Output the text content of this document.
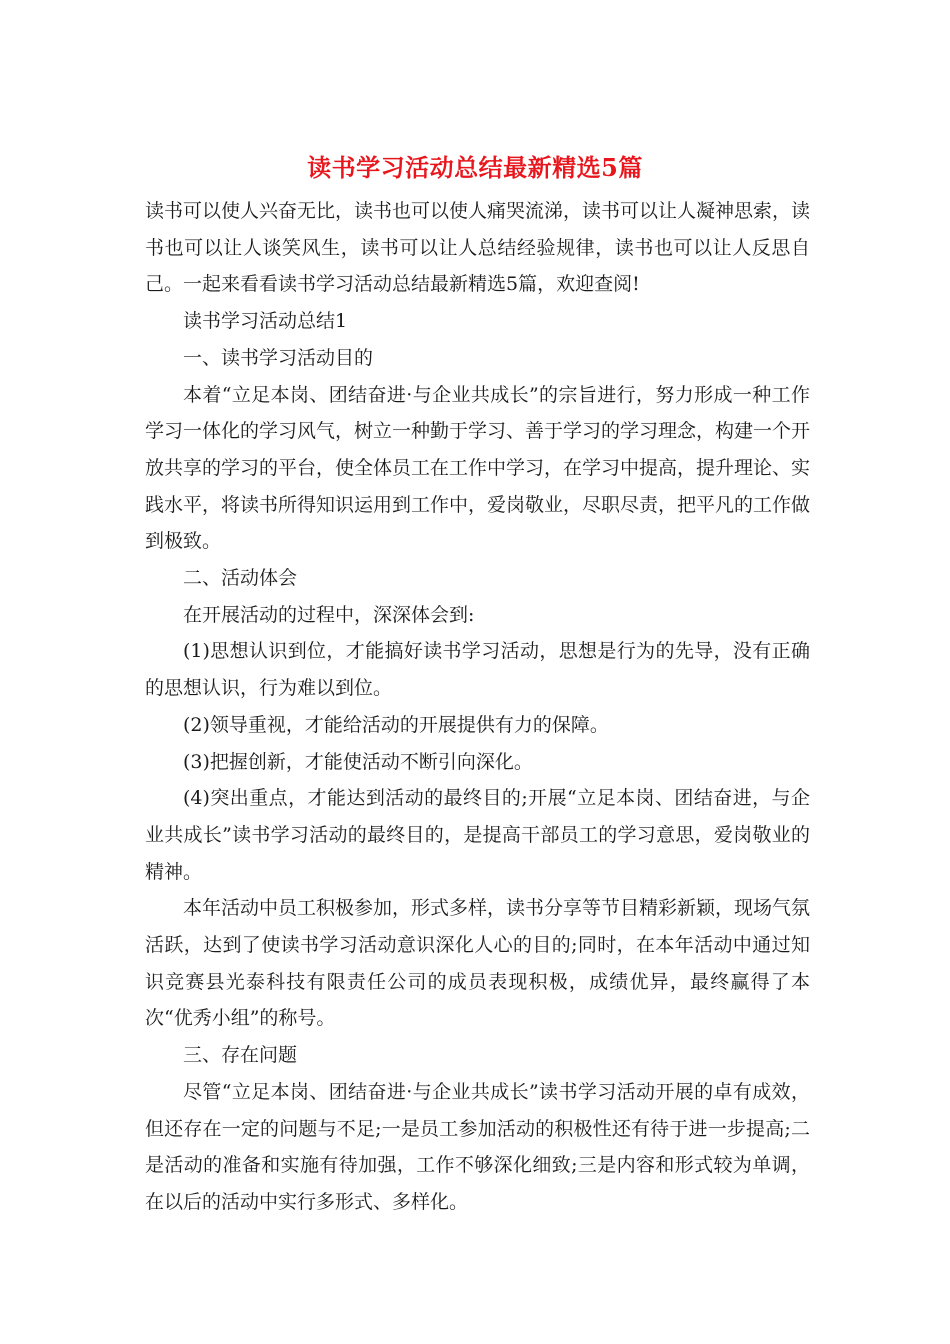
读书学习活动总结最新精选5篇

读书可以使人兴奋无比，读书也可以使人痛哭流涕，读书可以让人凝神思索，读书也可以让人谈笑风生，读书可以让人总结经验规律，读书也可以让人反思自己。一起来看看读书学习活动总结最新精选5篇，欢迎查阅!

读书学习活动总结1

一、读书学习活动目的

本着“立足本岗、团结奋进·与企业共成长”的宗旨进行，努力形成一种工作学习一体化的学习风气，树立一种勤于学习、善于学习的学习理念，构建一个开放共享的学习的平台，使全体员工在工作中学习，在学习中提高，提升理论、实践水平，将读书所得知识运用到工作中，爱岗敬业，尽职尽责，把平凡的工作做到极致。

二、活动体会

在开展活动的过程中，深深体会到:

(1)思想认识到位，才能搞好读书学习活动，思想是行为的先导，没有正确的思想认识，行为难以到位。

(2)领导重视，才能给活动的开展提供有力的保障。

(3)把握创新，才能使活动不断引向深化。

(4)突出重点，才能达到活动的最终目的;开展“立足本岗、团结奋进，与企业共成长”读书学习活动的最终目的，是提高干部员工的学习意思，爱岗敬业的精神。

本年活动中员工积极参加，形式多样，读书分享等节目精彩新颖，现场气氛活跃，达到了使读书学习活动意识深化人心的目的;同时，在本年活动中通过知识竞赛县光泰科技有限责任公司的成员表现积极，成绩优异，最终赢得了本次“优秀小组”的称号。

三、存在问题

尽管“立足本岗、团结奋进·与企业共成长”读书学习活动开展的卓有成效，但还存在一定的问题与不足;一是员工参加活动的积极性还有待于进一步提高;二是活动的准备和实施有待加强，工作不够深化细致;三是内容和形式较为单调，在以后的活动中实行多形式、多样化。
